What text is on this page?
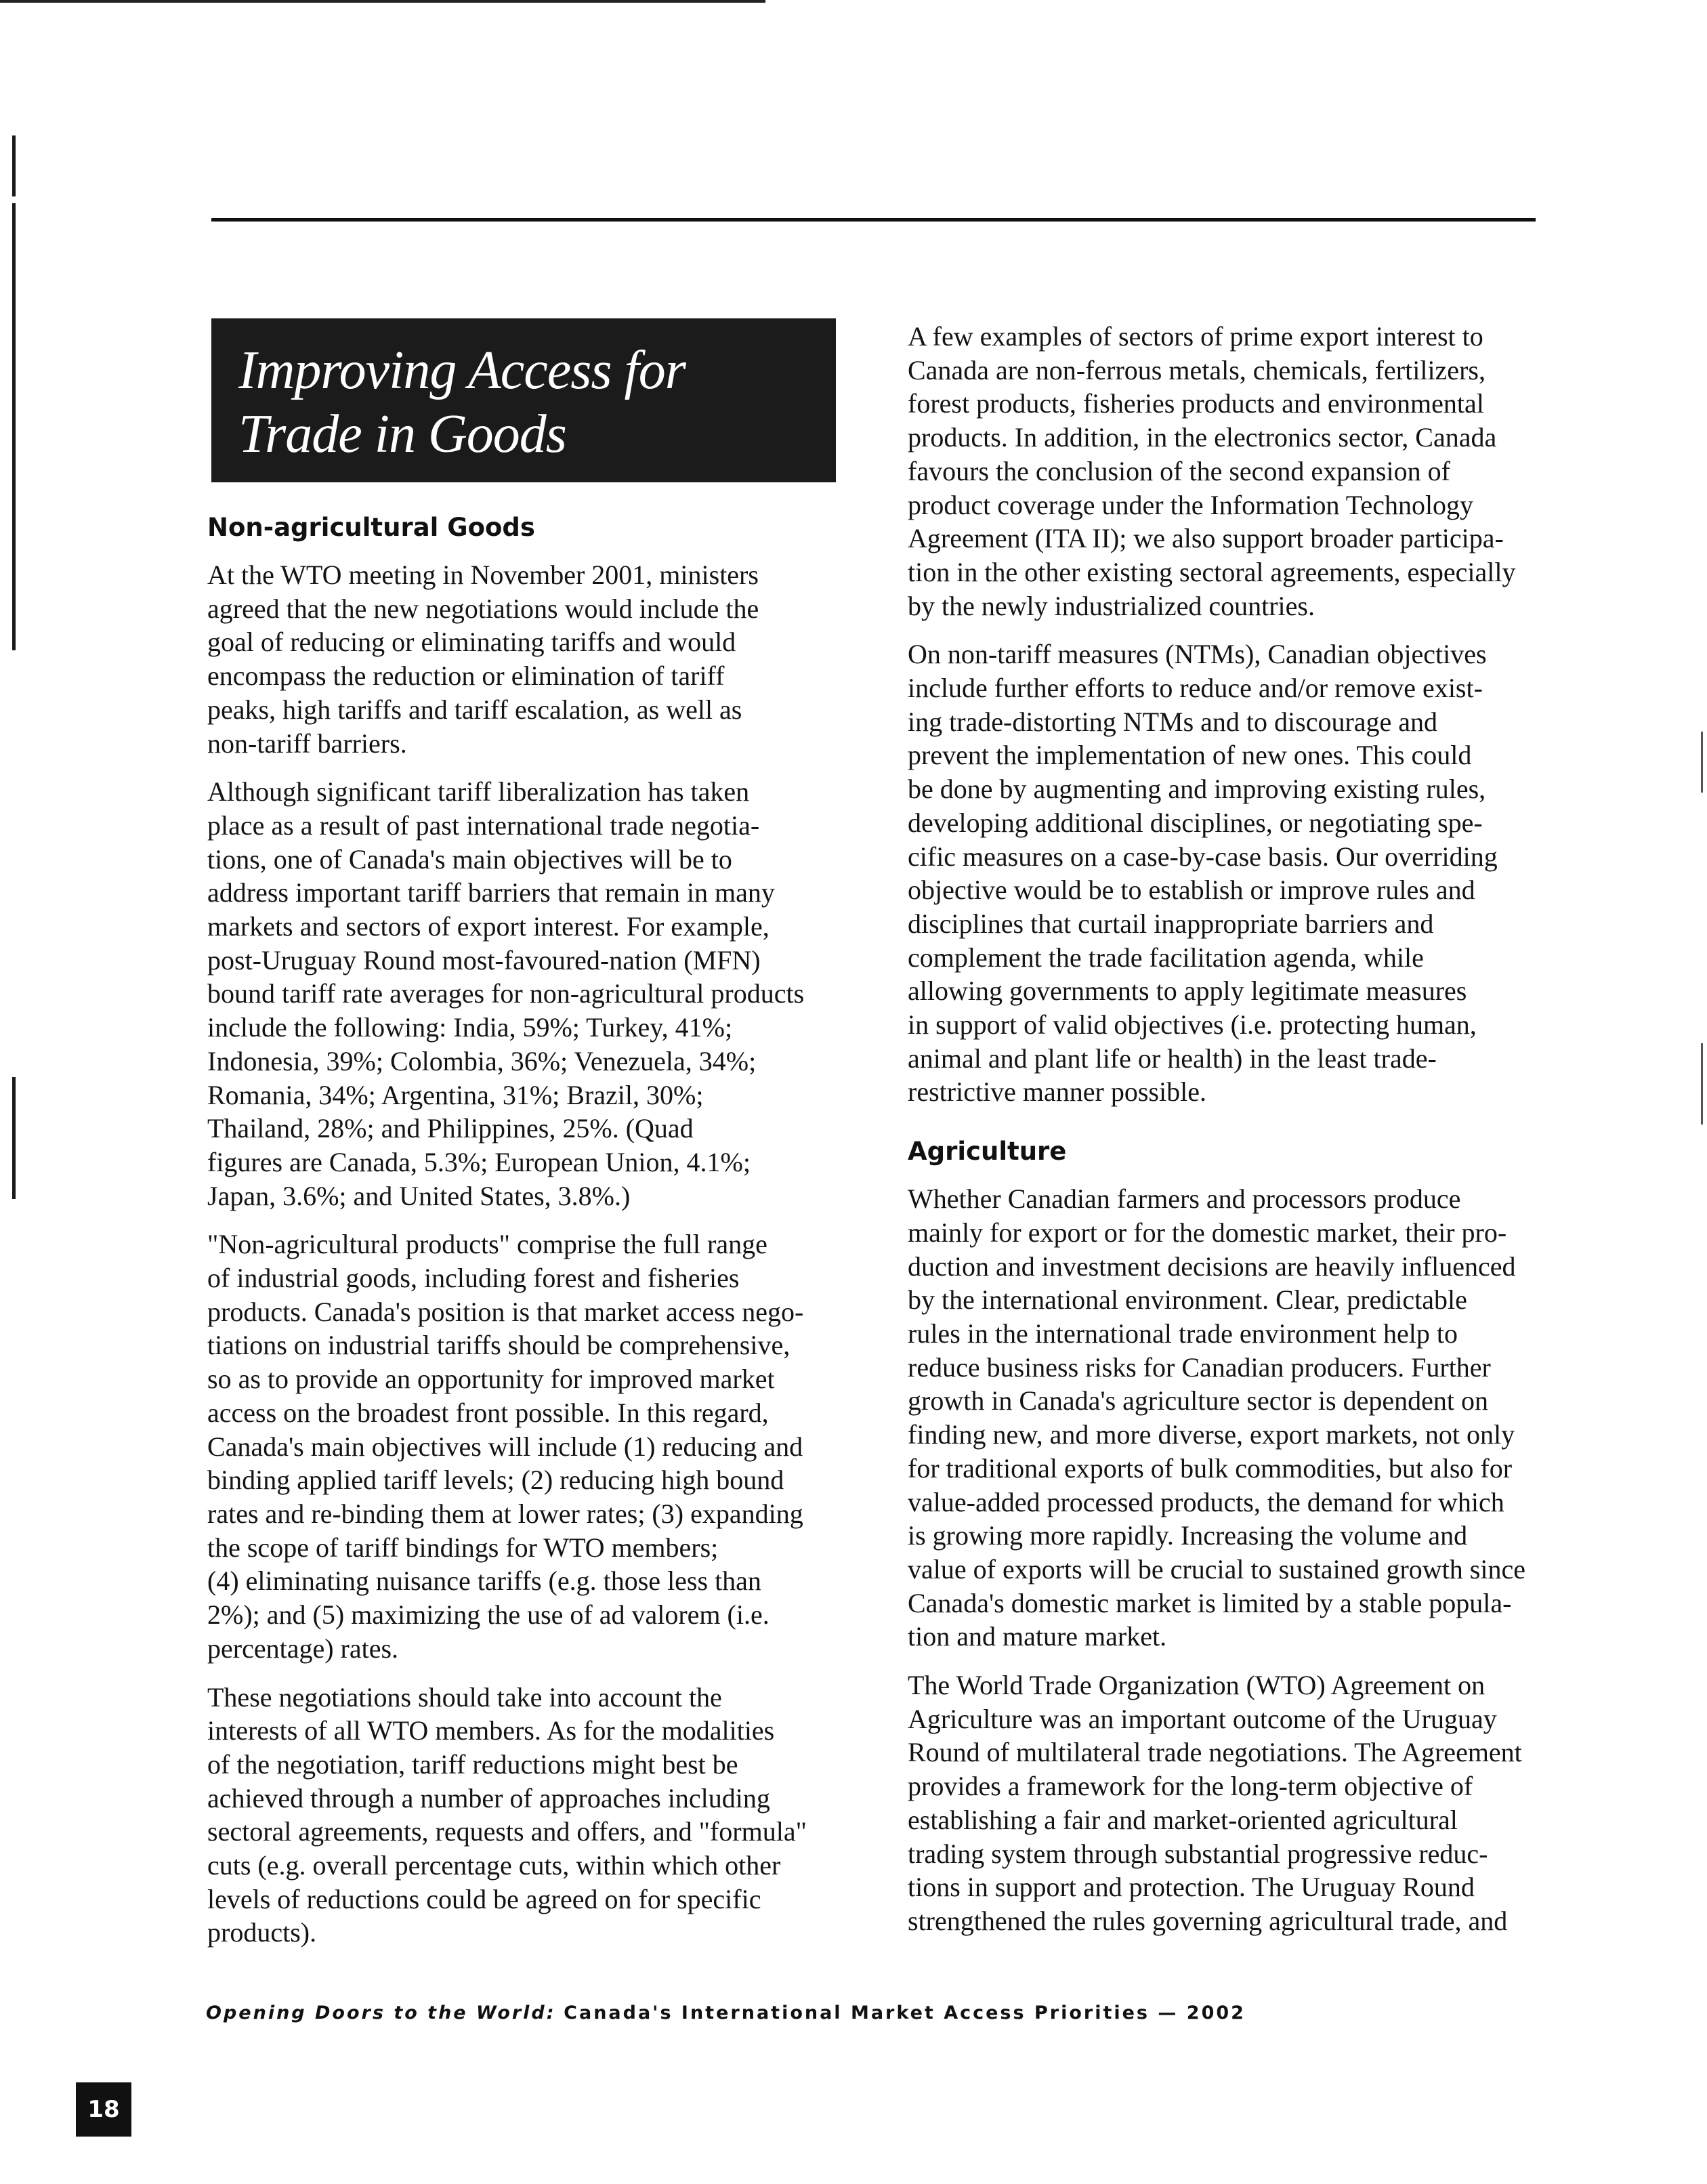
Improving Access for
Trade in Goods
Non-agricultural Goods

At the WTO meeting in November 2001, ministers
agreed that the new negotiations would include the
goal of reducing or eliminating tariffs and would
encompass the reduction or elimination of tariff
peaks, high tariffs and tariff escalation, as well as
non-tariff barriers.

Although significant tariff liberalization has taken
place as a result of past international trade negotia-
tions, one of Canada's main objectives will be to
address important tariff barriers that remain in many
markets and sectors of export interest. For example,
post-Uruguay Round most-favoured-nation (MFN)
bound tariff rate averages for non-agricultural products
include the following: India, 59%; Turkey, 41%;
Indonesia, 39%; Colombia, 36%; Venezuela, 34%;
Romania, 34%; Argentina, 31%; Brazil, 30%;
Thailand, 28%; and Philippines, 25%. (Quad
figures are Canada, 5.3%; European Union, 4.1%;
Japan, 3.6%; and United States, 3.8%.)

"Non-agricultural products" comprise the full range
of industrial goods, including forest and fisheries
products. Canada's position is that market access nego-
tiations on industrial tariffs should be comprehensive,
so as to provide an opportunity for improved market
access on the broadest front possible. In this regard,
Canada's main objectives will include (1) reducing and
binding applied tariff levels; (2) reducing high bound
rates and re-binding them at lower rates; (3) expanding
the scope of tariff bindings for WTO members;
(4) eliminating nuisance tariffs (e.g. those less than
2%); and (5) maximizing the use of ad valorem (i.e.
percentage) rates.

These negotiations should take into account the
interests of all WTO members. As for the modalities
of the negotiation, tariff reductions might best be
achieved through a number of approaches including
sectoral agreements, requests and offers, and "formula"
cuts (e.g. overall percentage cuts, within which other
levels of reductions could be agreed on for specific
products).

A few examples of sectors of prime export interest to
Canada are non-ferrous metals, chemicals, fertilizers,
forest products, fisheries products and environmental
products. In addition, in the electronics sector, Canada
favours the conclusion of the second expansion of
product coverage under the Information Technology
Agreement (ITA II); we also support broader participa-
tion in the other existing sectoral agreements, especially
by the newly industrialized countries.

On non-tariff measures (NTMs), Canadian objectives
include further efforts to reduce and/or remove exist-
ing trade-distorting NTMs and to discourage and
prevent the implementation of new ones. This could
be done by augmenting and improving existing rules,
developing additional disciplines, or negotiating spe-
cific measures on a case-by-case basis. Our overriding
objective would be to establish or improve rules and
disciplines that curtail inappropriate barriers and
complement the trade facilitation agenda, while
allowing governments to apply legitimate measures
in support of valid objectives (i.e. protecting human,
animal and plant life or health) in the least trade-
restrictive manner possible.

Agriculture

Whether Canadian farmers and processors produce
mainly for export or for the domestic market, their pro-
duction and investment decisions are heavily influenced
by the international environment. Clear, predictable
rules in the international trade environment help to
reduce business risks for Canadian producers. Further
growth in Canada's agriculture sector is dependent on
finding new, and more diverse, export markets, not only
for traditional exports of bulk commodities, but also for
value-added processed products, the demand for which
is growing more rapidly. Increasing the volume and
value of exports will be crucial to sustained growth since
Canada's domestic market is limited by a stable popula-
tion and mature market.

The World Trade Organization (WTO) Agreement on
Agriculture was an important outcome of the Uruguay
Round of multilateral trade negotiations. The Agreement
provides a framework for the long-term objective of
establishing a fair and market-oriented agricultural
trading system through substantial progressive reduc-
tions in support and protection. The Uruguay Round
strengthened the rules governing agricultural trade, and

18
Opening Doors to the World: Canada's International Market Access Priorities — 2002
